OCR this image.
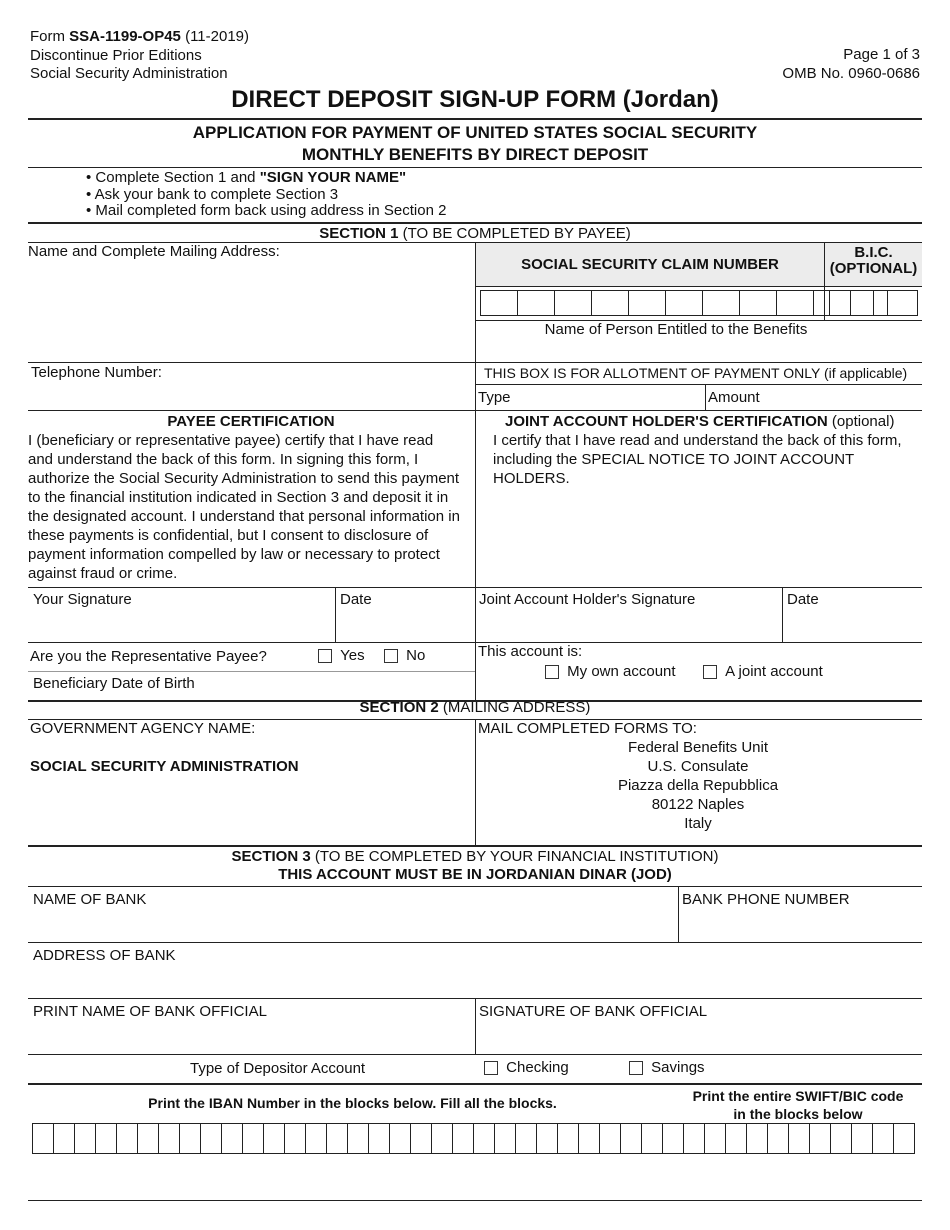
Form SSA-1199-OP45 (11-2019)
Discontinue Prior Editions
Social Security Administration
Page 1 of 3
OMB No. 0960-0686
DIRECT DEPOSIT SIGN-UP FORM (Jordan)
APPLICATION FOR PAYMENT OF UNITED STATES SOCIAL SECURITY
MONTHLY BENEFITS BY DIRECT DEPOSIT
• Complete Section 1 and "SIGN YOUR NAME"
• Ask your bank to complete Section 3
• Mail completed form back using address in Section 2
SECTION 1 (TO BE COMPLETED BY PAYEE)
Name and Complete Mailing Address:
SOCIAL SECURITY CLAIM NUMBER
B.I.C.
(OPTIONAL)
Name of Person Entitled to the Benefits
Telephone Number:	THIS BOX IS FOR ALLOTMENT OF PAYMENT ONLY (if applicable)
Type	Amount
PAYEE CERTIFICATION
I (beneficiary or representative payee) certify that I have read
and understand the back of this form. In signing this form, I
authorize the Social Security Administration to send this payment
to the financial institution indicated in Section 3 and deposit it in
the designated account. I understand that personal information in
these payments is confidential, but I consent to disclosure of
payment information compelled by law or necessary to protect
against fraud or crime.
JOINT ACCOUNT HOLDER'S CERTIFICATION (optional)
I certify that I have read and understand the back of this form,
including the SPECIAL NOTICE TO JOINT ACCOUNT
HOLDERS.
Your Signature	Date	Joint Account Holder's Signature	Date
Are you the Representative Payee?	Yes	No	This account is:
My own account	A joint account
Beneficiary Date of Birth
SECTION 2 (MAILING ADDRESS)
GOVERNMENT AGENCY NAME:
SOCIAL SECURITY ADMINISTRATION
MAIL COMPLETED FORMS TO:
Federal Benefits Unit
U.S. Consulate
Piazza della Repubblica
80122 Naples
Italy
SECTION 3 (TO BE COMPLETED BY YOUR FINANCIAL INSTITUTION)
THIS ACCOUNT MUST BE IN JORDANIAN DINAR (JOD)
NAME OF BANK	BANK PHONE NUMBER
ADDRESS OF BANK
PRINT NAME OF BANK OFFICIAL	SIGNATURE OF BANK OFFICIAL
Type of Depositor Account	Checking	Savings
Print the IBAN Number in the blocks below. Fill all the blocks.	Print the entire SWIFT/BIC code
in the blocks below
